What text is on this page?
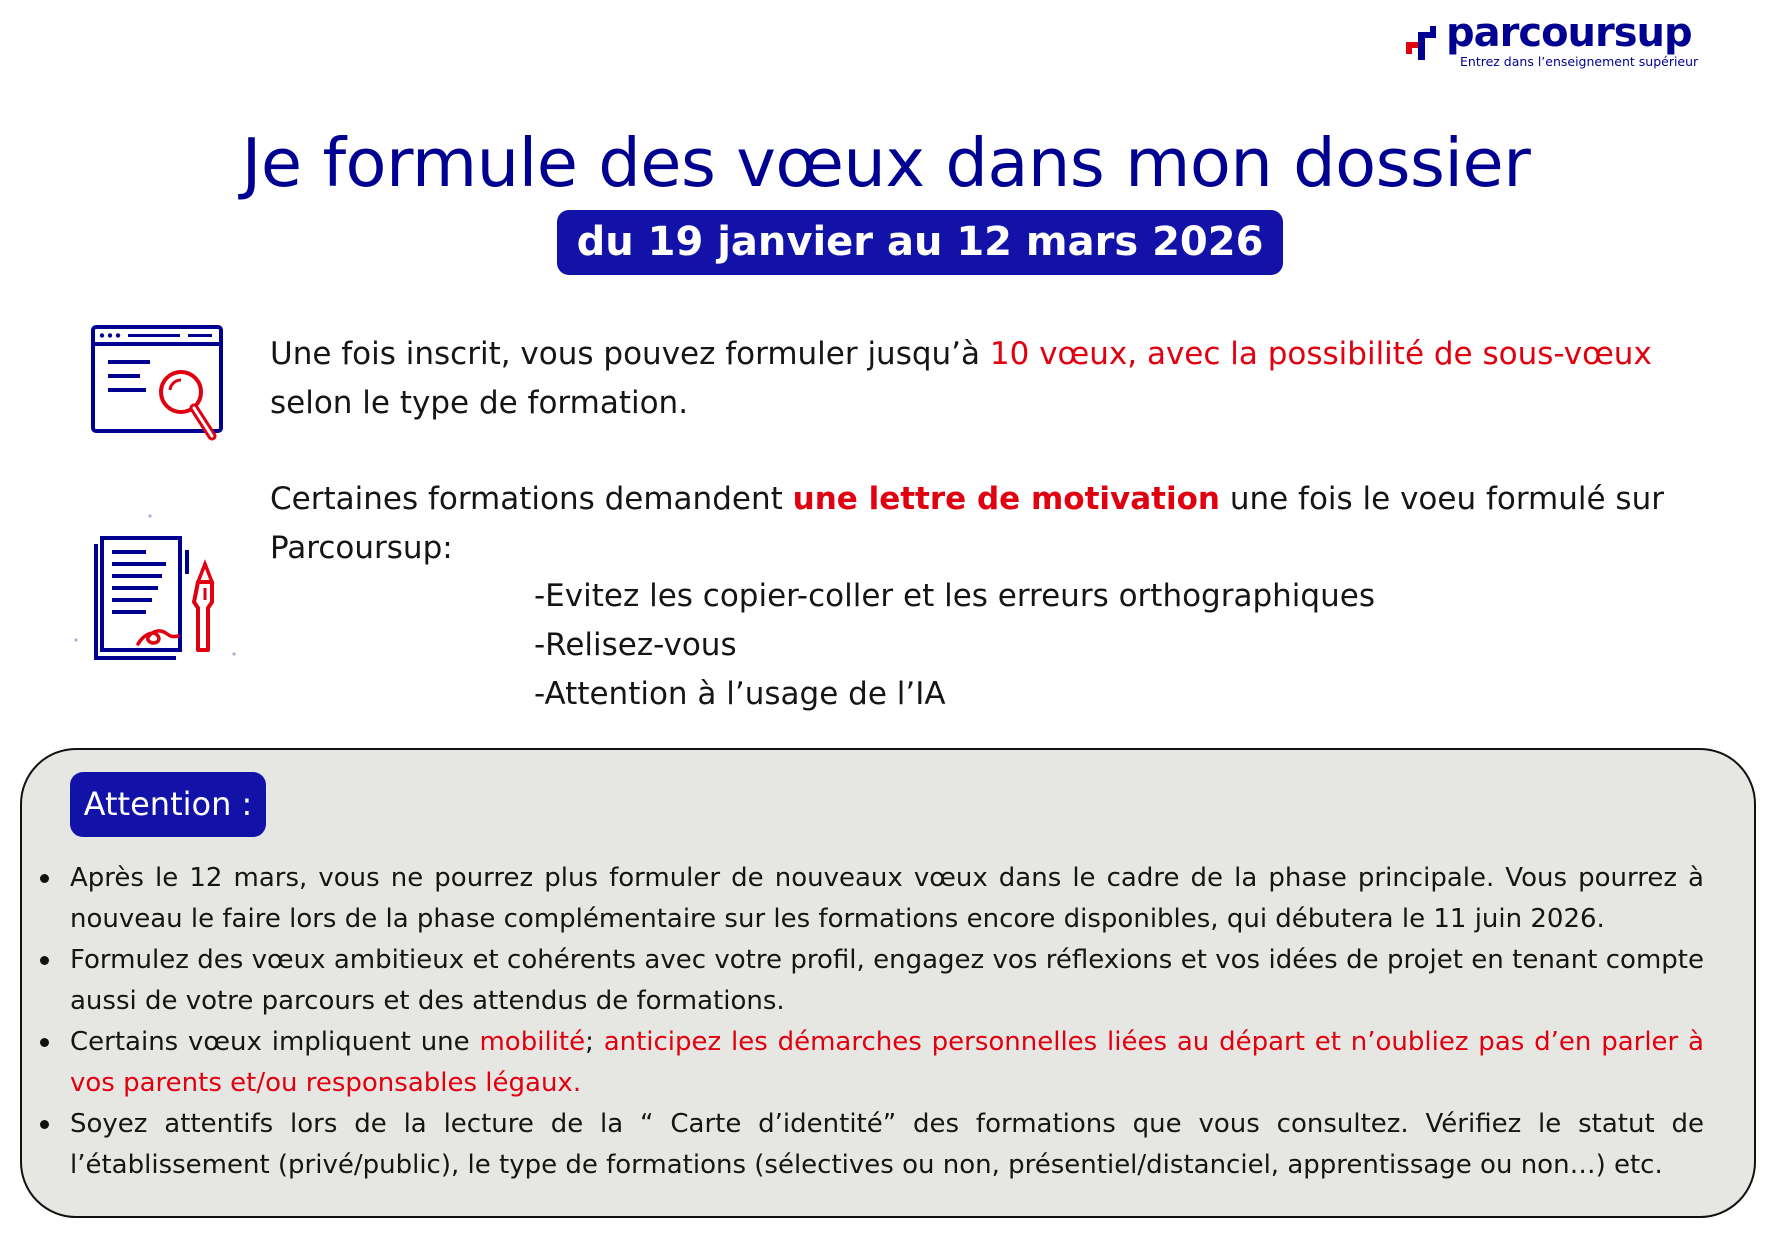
parcoursup
Entrez dans l’enseignement supérieur
Je formule des vœux dans mon dossier
du 19 janvier au 12 mars 2026
Une fois inscrit, vous pouvez formuler jusqu’à 10 vœux, avec la possibilité de sous-vœux selon le type de formation.
Certaines formations demandent une lettre de motivation une fois le voeu formulé sur Parcoursup:
-Evitez les copier-coller et les erreurs orthographiques
-Relisez-vous
-Attention à l’usage de l’IA
Attention :
Après le 12 mars, vous ne pourrez plus formuler de nouveaux vœux dans le cadre de la phase principale. Vous pourrez à nouveau le faire lors de la phase complémentaire sur les formations encore disponibles, qui débutera le 11 juin 2026.
Formulez des vœux ambitieux et cohérents avec votre profil, engagez vos réflexions et vos idées de projet en tenant compte aussi de votre parcours et des attendus de formations.
Certains vœux impliquent une mobilité; anticipez les démarches personnelles liées au départ et n’oubliez pas d’en parler à vos parents et/ou responsables légaux.
Soyez attentifs lors de la lecture de la “ Carte d’identité” des formations que vous consultez. Vérifiez le statut de l’établissement (privé/public), le type de formations (sélectives ou non, présentiel/distanciel, apprentissage ou non…) etc.
